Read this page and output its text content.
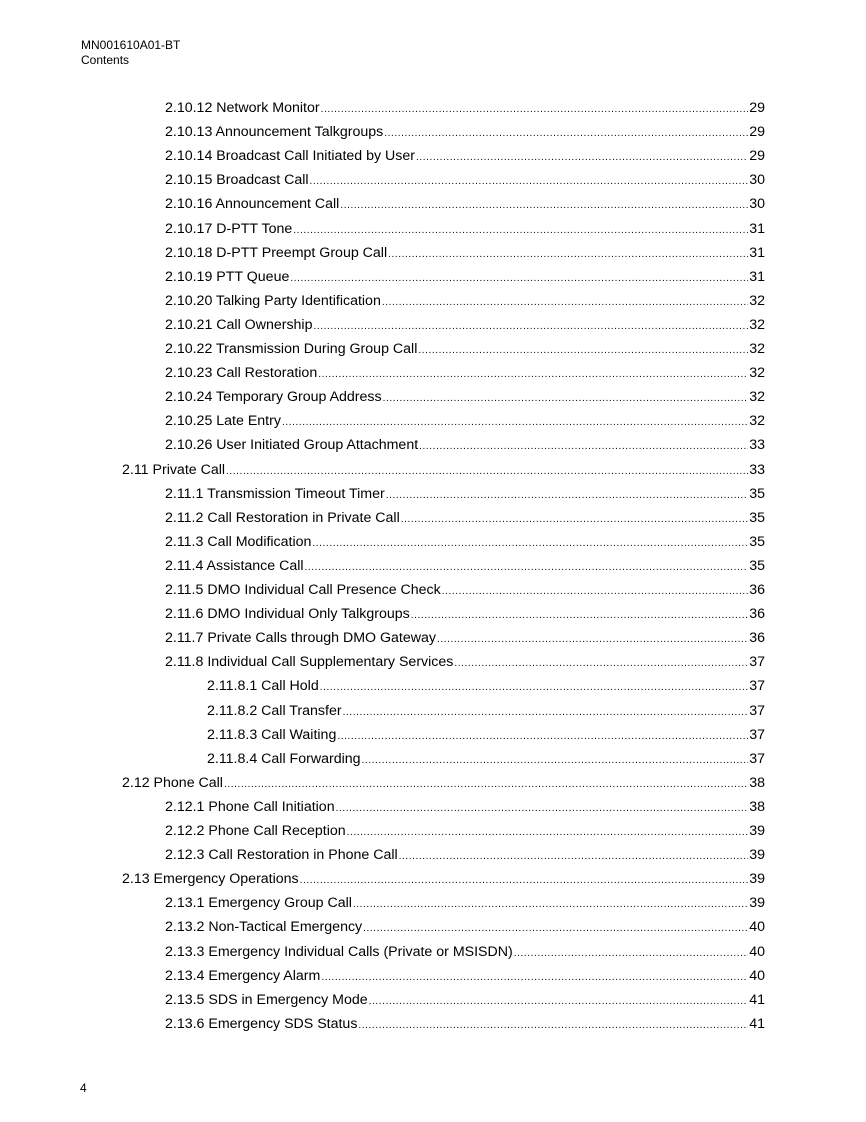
MN001610A01-BT
Contents
2.10.12 Network Monitor .....	29
2.10.13 Announcement Talkgroups .....	29
2.10.14 Broadcast Call Initiated by User .....	29
2.10.15 Broadcast Call .....	30
2.10.16 Announcement Call .....	30
2.10.17 D-PTT Tone .....	31
2.10.18 D-PTT Preempt Group Call .....	31
2.10.19 PTT Queue .....	31
2.10.20 Talking Party Identification .....	32
2.10.21 Call Ownership .....	32
2.10.22 Transmission During Group Call .....	32
2.10.23 Call Restoration .....	32
2.10.24 Temporary Group Address .....	32
2.10.25 Late Entry .....	32
2.10.26 User Initiated Group Attachment .....	33
2.11 Private Call .....	33
2.11.1 Transmission Timeout Timer .....	35
2.11.2 Call Restoration in Private Call .....	35
2.11.3 Call Modification .....	35
2.11.4 Assistance Call .....	35
2.11.5 DMO Individual Call Presence Check .....	36
2.11.6 DMO Individual Only Talkgroups .....	36
2.11.7 Private Calls through DMO Gateway .....	36
2.11.8 Individual Call Supplementary Services .....	37
2.11.8.1 Call Hold .....	37
2.11.8.2 Call Transfer .....	37
2.11.8.3 Call Waiting .....	37
2.11.8.4 Call Forwarding .....	37
2.12 Phone Call .....	38
2.12.1 Phone Call Initiation .....	38
2.12.2 Phone Call Reception .....	39
2.12.3 Call Restoration in Phone Call .....	39
2.13 Emergency Operations .....	39
2.13.1 Emergency Group Call .....	39
2.13.2 Non-Tactical Emergency .....	40
2.13.3 Emergency Individual Calls (Private or MSISDN) .....	40
2.13.4 Emergency Alarm .....	40
2.13.5 SDS in Emergency Mode .....	41
2.13.6 Emergency SDS Status .....	41
4
